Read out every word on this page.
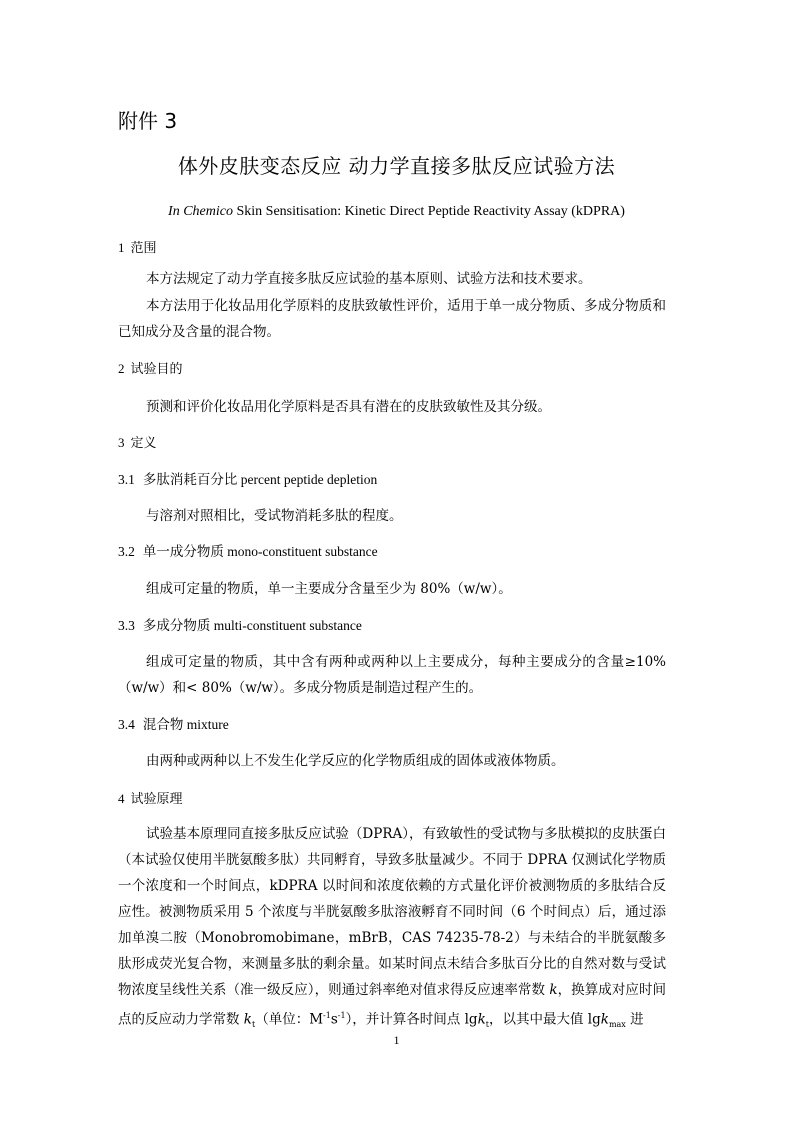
附件 3
体外皮肤变态反应 动力学直接多肽反应试验方法
In Chemico Skin Sensitisation: Kinetic Direct Peptide Reactivity Assay (kDPRA)
1 范围
本方法规定了动力学直接多肽反应试验的基本原则、试验方法和技术要求。
本方法用于化妆品用化学原料的皮肤致敏性评价，适用于单一成分物质、多成分物质和已知成分及含量的混合物。
2 试验目的
预测和评价化妆品用化学原料是否具有潜在的皮肤致敏性及其分级。
3 定义
3.1 多肽消耗百分比 percent peptide depletion
与溶剂对照相比，受试物消耗多肽的程度。
3.2 单一成分物质 mono-constituent substance
组成可定量的物质，单一主要成分含量至少为 80%（w/w）。
3.3 多成分物质 multi-constituent substance
组成可定量的物质，其中含有两种或两种以上主要成分，每种主要成分的含量≥10%（w/w）和< 80%（w/w）。多成分物质是制造过程产生的。
3.4 混合物 mixture
由两种或两种以上不发生化学反应的化学物质组成的固体或液体物质。
4 试验原理
试验基本原理同直接多肽反应试验（DPRA），有致敏性的受试物与多肽模拟的皮肤蛋白（本试验仅使用半胱氨酸多肽）共同孵育，导致多肽量减少。不同于 DPRA 仅测试化学物质一个浓度和一个时间点，kDPRA 以时间和浓度依赖的方式量化评价被测物质的多肽结合反应性。被测物质采用 5 个浓度与半胱氨酸多肽溶液孵育不同时间（6 个时间点）后，通过添加单溴二胺（Monobromobimane，mBrB，CAS 74235-78-2）与未结合的半胱氨酸多肽形成荧光复合物，来测量多肽的剩余量。如某时间点未结合多肽百分比的自然对数与受试物浓度呈线性关系（准一级反应），则通过斜率绝对值求得反应速率常数 k，换算成对应时间点的反应动力学常数 $k_t$（单位：$M^{-1}s^{-1}$），并计算各时间点 lgk$_t$，以其中最大值 lgk$_{max}$ 进
1
